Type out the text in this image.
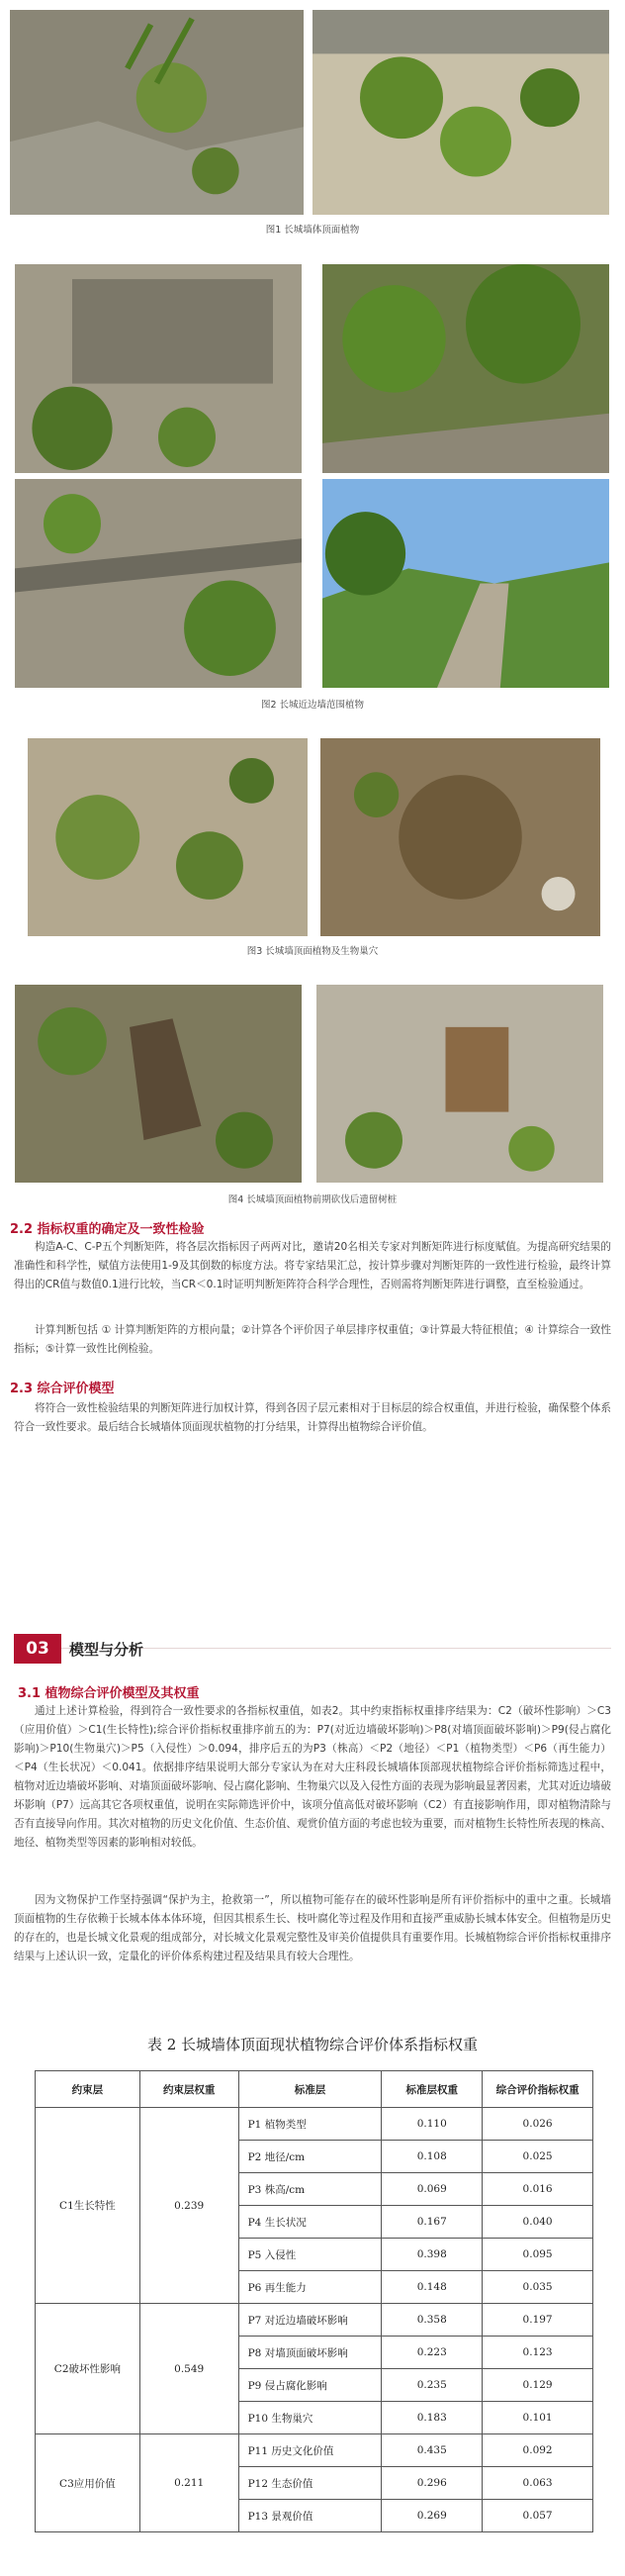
图1 长城墙体顶面植物
图2 长城近边墙范围植物
图3 长城墙顶面植物及生物巢穴
图4 长城墙顶面植物前期砍伐后遗留树桩
2.2 指标权重的确定及一致性检验
构造A-C、C-P五个判断矩阵，将各层次指标因子两两对比，邀请20名相关专家对判断矩阵进行标度赋值。为提高研究结果的准确性和科学性，赋值方法使用1-9及其倒数的标度方法。将专家结果汇总，按计算步骤对判断矩阵的一致性进行检验，最终计算得出的CR值与数值0.1进行比较，当CR＜0.1时证明判断矩阵符合科学合理性，否则需将判断矩阵进行调整，直至检验通过。
计算判断包括 ① 计算判断矩阵的方根向量；②计算各个评价因子单层排序权重值；③计算最大特征根值；④ 计算综合一致性指标；⑤计算一致性比例检验。
2.3 综合评价模型
将符合一致性检验结果的判断矩阵进行加权计算，得到各因子层元素相对于目标层的综合权重值，并进行检验，确保整个体系符合一致性要求。最后结合长城墙体顶面现状植物的打分结果，计算得出植物综合评价值。
03	模型与分析
3.1 植物综合评价模型及其权重
通过上述计算检验，得到符合一致性要求的各指标权重值，如表2。其中约束指标权重排序结果为：C2（破坏性影响）＞C3（应用价值）＞C1(生长特性);综合评价指标权重排序前五的为：P7(对近边墙破坏影响)＞P8(对墙顶面破坏影响)＞P9(侵占腐化影响)＞P10(生物巢穴)＞P5（入侵性）＞0.094，排序后五的为P3（株高）＜P2（地径）＜P1（植物类型）＜P6（再生能力）＜P4（生长状况）＜0.041。依据排序结果说明大部分专家认为在对大庄科段长城墙体顶部现状植物综合评价指标筛选过程中，植物对近边墙破坏影响、对墙顶面破坏影响、侵占腐化影响、生物巢穴以及入侵性方面的表现为影响最显著因素，尤其对近边墙破坏影响（P7）远高其它各项权重值，说明在实际筛选评价中，该项分值高低对破坏影响（C2）有直接影响作用，即对植物清除与否有直接导向作用。其次对植物的历史文化价值、生态价值、观赏价值方面的考虑也较为重要，而对植物生长特性所表现的株高、地径、植物类型等因素的影响相对较低。
因为文物保护工作坚持强调“保护为主，抢救第一”，所以植物可能存在的破坏性影响是所有评价指标中的重中之重。长城墙顶面植物的生存依赖于长城本体本体环境，但因其根系生长、枝叶腐化等过程及作用和直接严重威胁长城本体安全。但植物是历史的存在的，也是长城文化景观的组成部分，对长城文化景观完整性及审美价值提供具有重要作用。长城植物综合评价指标权重排序结果与上述认识一致，定量化的评价体系构建过程及结果具有较大合理性。
表 2 长城墙体顶面现状植物综合评价体系指标权重
约束层	约束层权重	标准层	标准层权重	综合评价指标权重
C1生长特性	0.239	P1 植物类型	0.110	0.026
		P2 地径/cm	0.108	0.025
		P3 株高/cm	0.069	0.016
		P4 生长状况	0.167	0.040
		P5 入侵性	0.398	0.095
		P6 再生能力	0.148	0.035
C2破坏性影响	0.549	P7 对近边墙破坏影响	0.358	0.197
		P8 对墙顶面破坏影响	0.223	0.123
		P9 侵占腐化影响	0.235	0.129
		P10 生物巢穴	0.183	0.101
C3应用价值	0.211	P11 历史文化价值	0.435	0.092
		P12 生态价值	0.296	0.063
		P13 景观价值	0.269	0.057
